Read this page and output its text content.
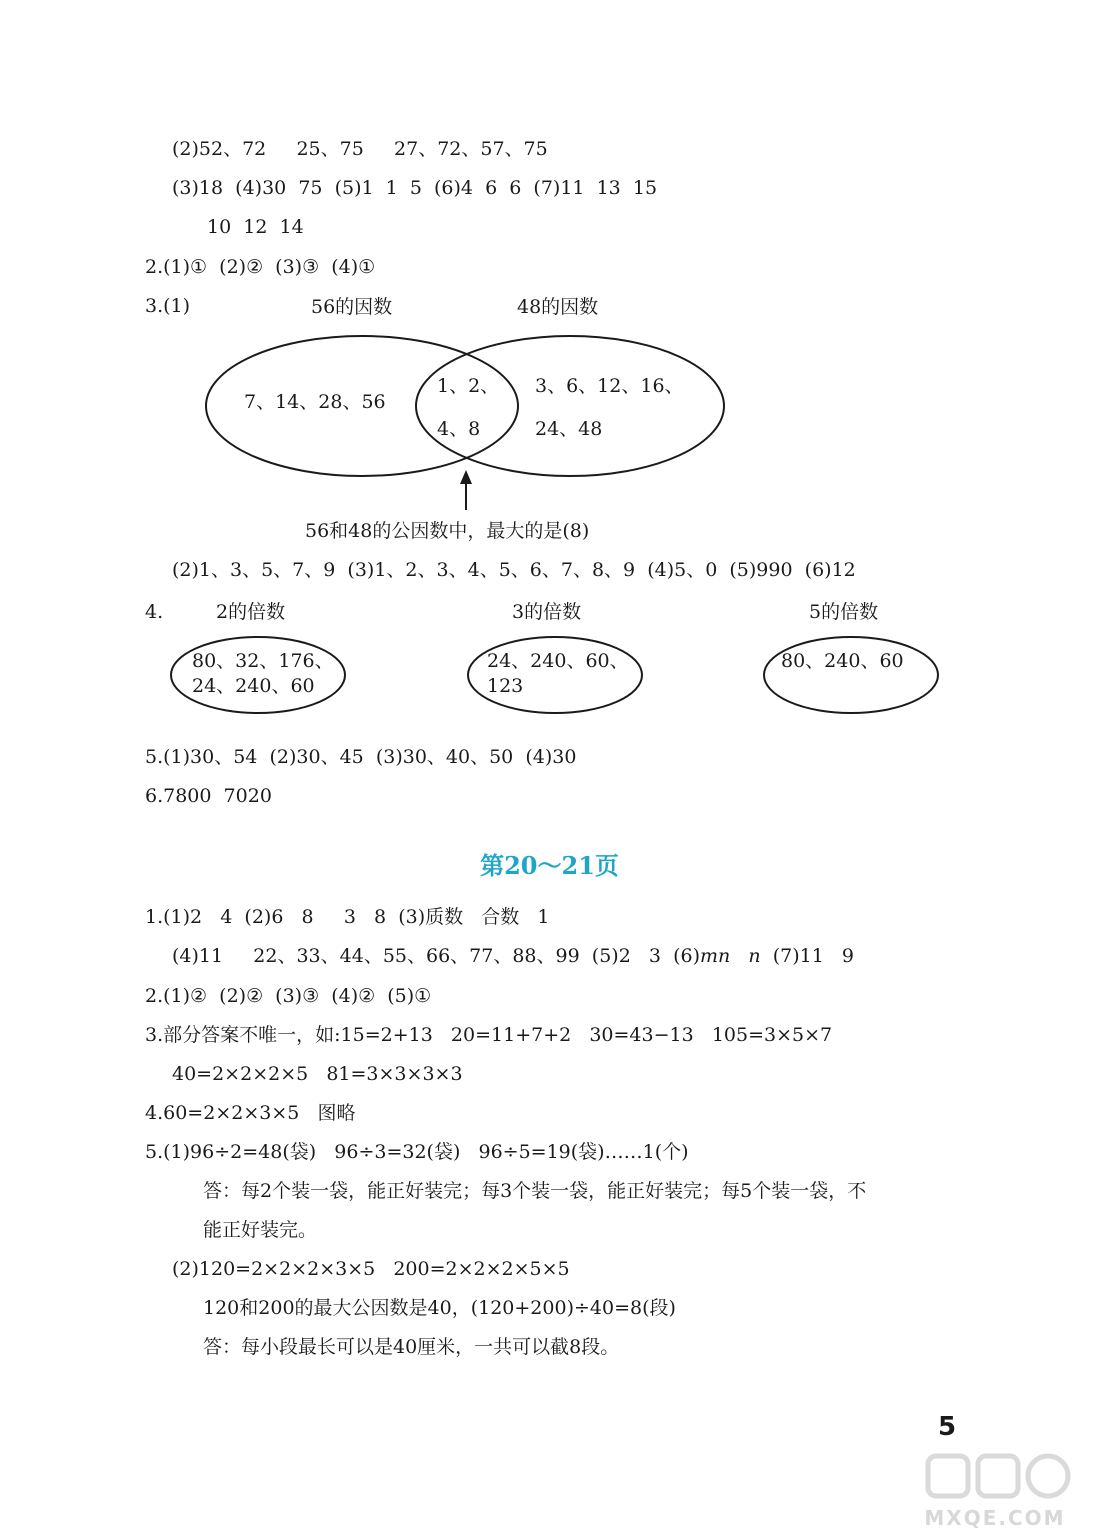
(2)52、72     25、75     27、72、57、75
(3)18  (4)30  75  (5)1  1  5  (6)4  6  6  (7)11  13  15
10  12  14
2.(1)①  (2)②  (3)③  (4)①
3.(1)	56的因数	48的因数
7、14、28、56
1、2、
4、8
3、6、12、16、
24、48
56和48的公因数中，最大的是(8)
(2)1、3、5、7、9  (3)1、2、3、4、5、6、7、8、9  (4)5、0  (5)990  (6)12
4.	2的倍数	3的倍数	5的倍数
80、32、176、
24、240、60
24、240、60、
123
80、240、60
5.(1)30、54  (2)30、45  (3)30、40、50  (4)30
6.7800  7020
第20～21页
1.(1)2   4  (2)6   8     3   8  (3)质数   合数   1
(4)11     22、33、44、55、66、77、88、99  (5)2   3  (6)mn n (7)11   9
2.(1)②  (2)②  (3)③  (4)②  (5)①
3.部分答案不唯一，如:15=2+13   20=11+7+2   30=43−13   105=3×5×7
40=2×2×2×5   81=3×3×3×3
4.60=2×2×3×5   图略
5.(1)96÷2=48(袋)   96÷3=32(袋)   96÷5=19(袋)……1(个)
答：每2个装一袋，能正好装完；每3个装一袋，能正好装完；每5个装一袋，不
能正好装完。
(2)120=2×2×2×3×5   200=2×2×2×5×5
120和200的最大公因数是40，(120+200)÷40=8(段)
答：每小段最长可以是40厘米，一共可以截8段。
5
MXQE.COM
